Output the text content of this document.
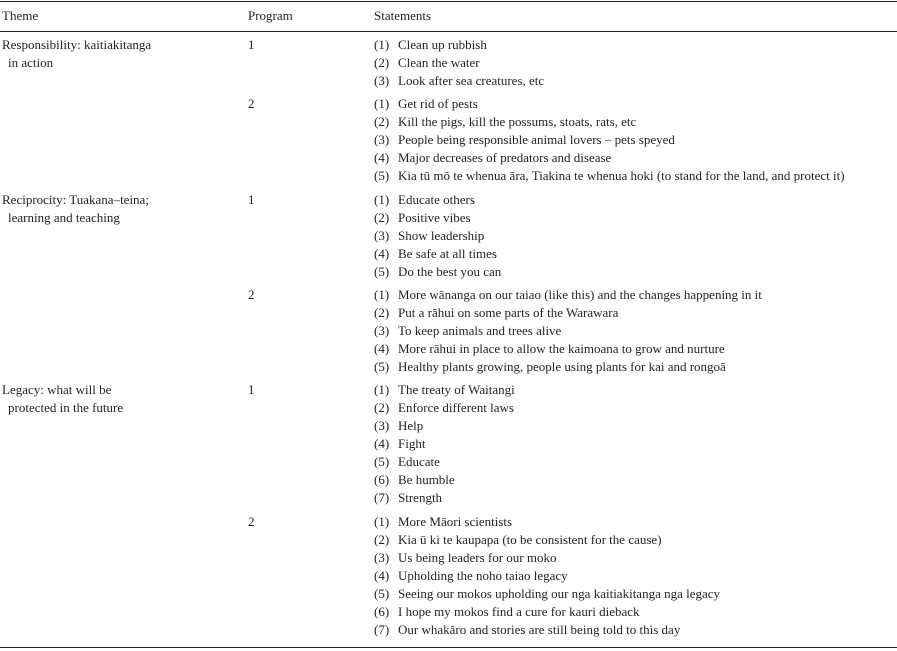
Theme	Program	Statements
Responsibility: kaitiakitanga
in action
1	(1) Clean up rubbish
(2) Clean the water
(3) Look after sea creatures, etc
2	(1) Get rid of pests
(2) Kill the pigs, kill the possums, stoats, rats, etc
(3) People being responsible animal lovers – pets speyed
(4) Major decreases of predators and disease
(5) Kia tū mō te whenua āra, Tiakina te whenua hoki (to stand for the land, and protect it)
Reciprocity: Tuakana–teina;
learning and teaching
1	(1) Educate others
(2) Positive vibes
(3) Show leadership
(4) Be safe at all times
(5) Do the best you can
2	(1) More wānanga on our taiao (like this) and the changes happening in it
(2) Put a rāhui on some parts of the Warawara
(3) To keep animals and trees alive
(4) More rāhui in place to allow the kaimoana to grow and nurture
(5) Healthy plants growing, people using plants for kai and rongoā
Legacy: what will be
protected in the future
1	(1) The treaty of Waitangi
(2) Enforce different laws
(3) Help
(4) Fight
(5) Educate
(6) Be humble
(7) Strength
2	(1) More Māori scientists
(2) Kia ū ki te kaupapa (to be consistent for the cause)
(3) Us being leaders for our moko
(4) Upholding the noho taiao legacy
(5) Seeing our mokos upholding our nga kaitiakitanga nga legacy
(6) I hope my mokos find a cure for kauri dieback
(7) Our whakāro and stories are still being told to this day
